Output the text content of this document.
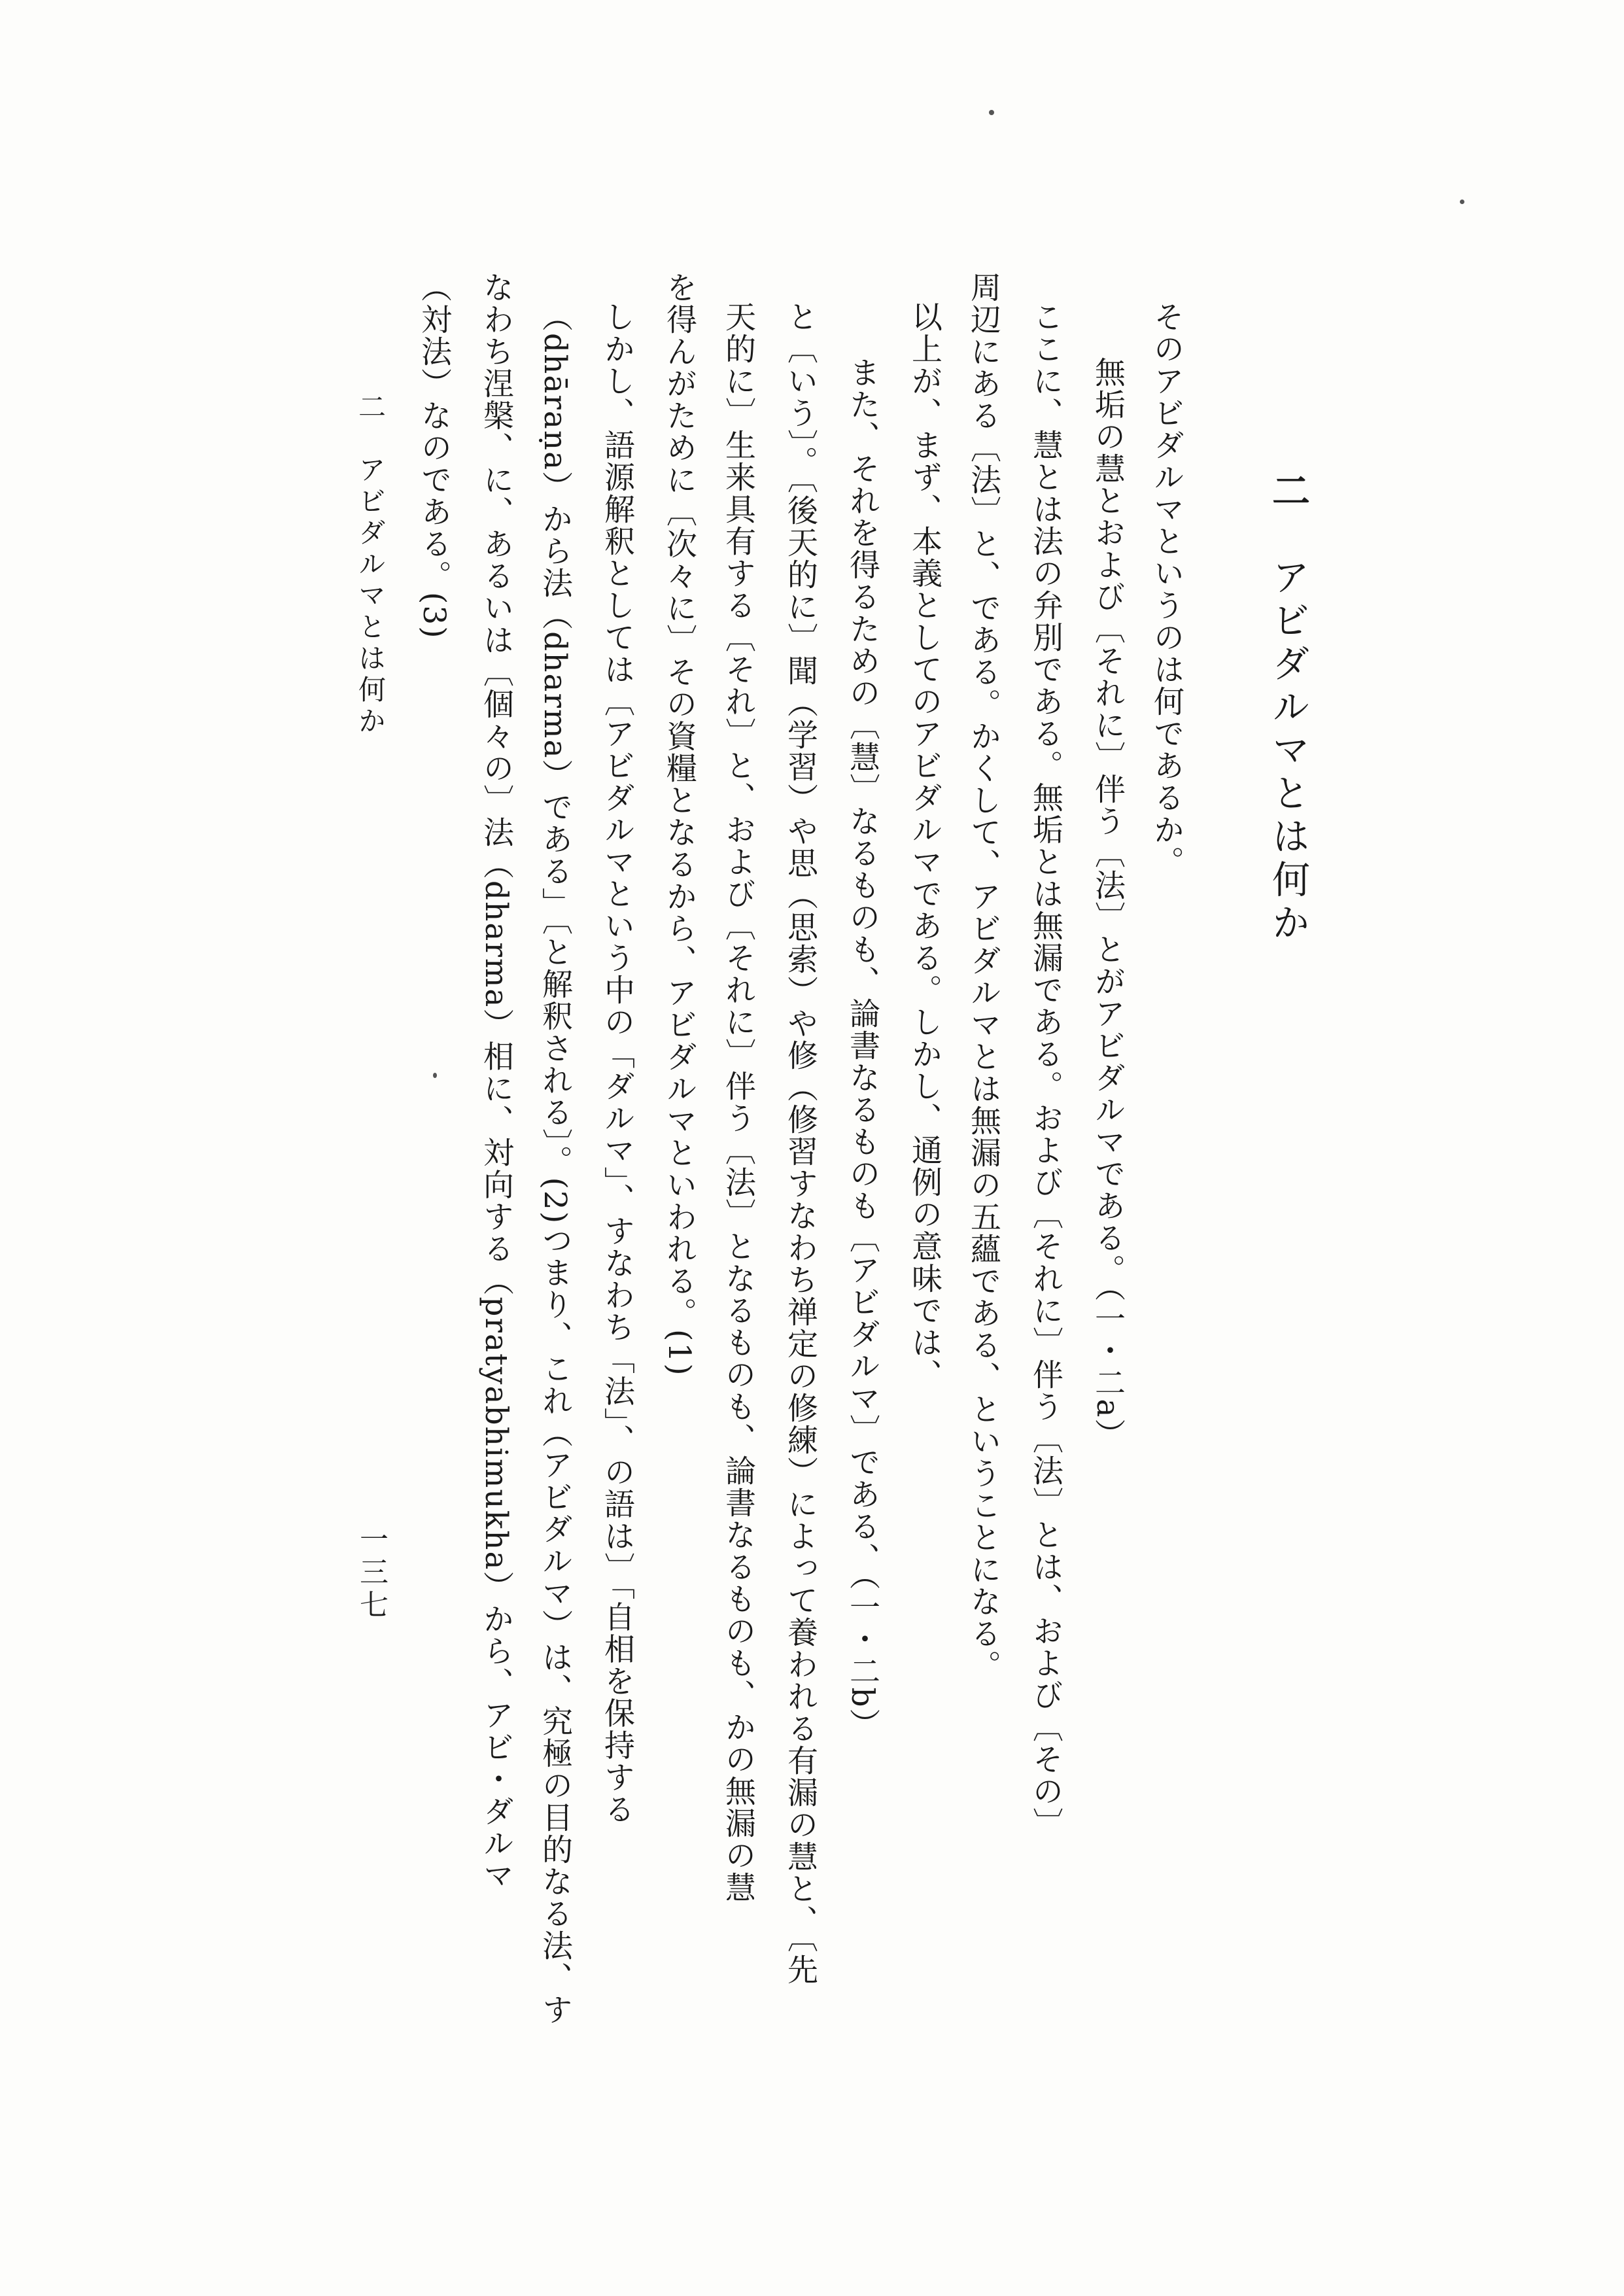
二　アビダルマとは何か
そのアビダルマというのは何であるか。
無垢の慧とおよび〔それに〕伴う〔法〕とがアビダルマである。（一・二a）
ここに、慧とは法の弁別である。無垢とは無漏である。および〔それに〕伴う〔法〕とは、および〔その〕
周辺にある〔法〕と、である。かくして、アビダルマとは無漏の五蘊である、ということになる。
以上が、まず、本義としてのアビダルマである。しかし、通例の意味では、
また、それを得るための〔慧〕なるものも、論書なるものも〔アビダルマ〕である、（一・二b）
と〔いう〕。〔後天的に〕聞（学習）や思（思索）や修（修習すなわち禅定の修練）によって養われる有漏の慧と、〔先
天的に〕生来具有する〔それ〕と、および〔それに〕伴う〔法〕となるものも、論書なるものも、かの無漏の慧
を得んがために〔次々に〕その資糧となるから、アビダルマといわれる。(1)
しかし、語源解釈としては〔アビダルマという中の「ダルマ」、すなわち「法」、の語は〕「自相を保持する
（dhāraṇa）から法（dharma）である」〔と解釈される〕。(2)つまり、これ（アビダルマ）は、究極の目的なる法、す
なわち涅槃、に、あるいは〔個々の〕法（dharma）相に、対向する（pratyabhimukha）から、アビ・ダルマ
（対法）なのである。(3)
二　アビダルマとは何か
一三七
